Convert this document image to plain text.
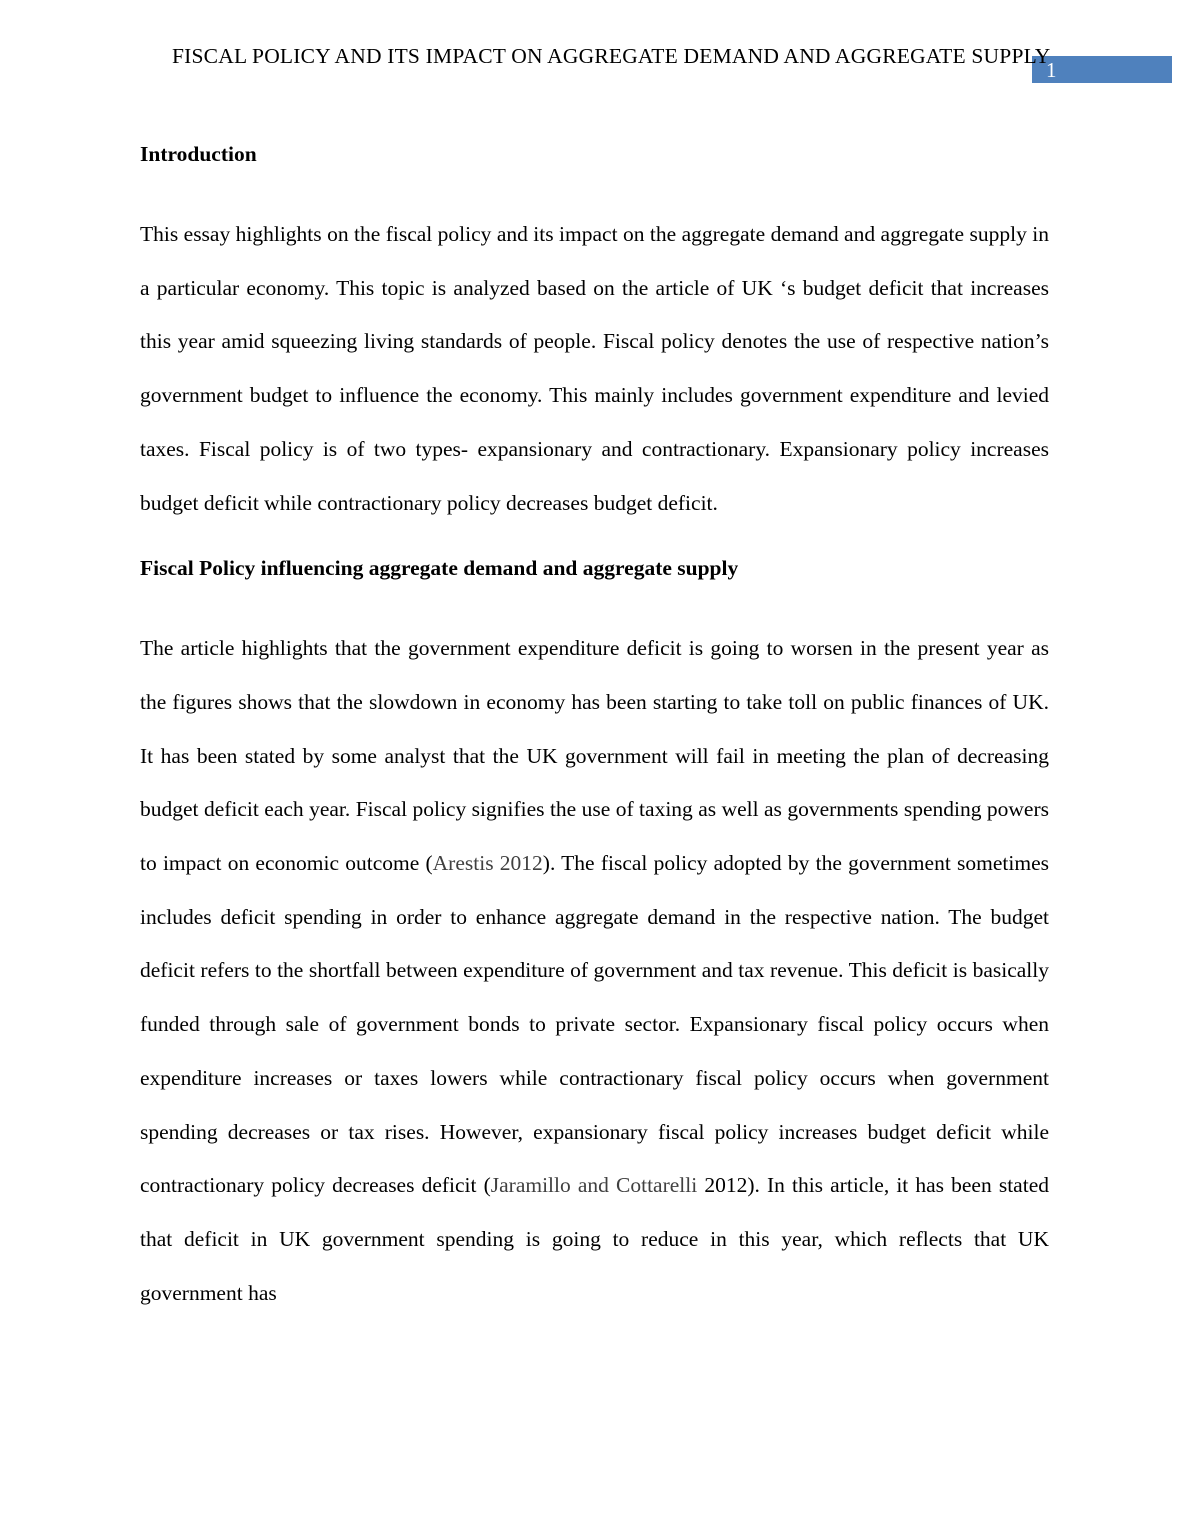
FISCAL POLICY AND ITS IMPACT ON AGGREGATE DEMAND AND AGGREGATE SUPPLY
1

Introduction

This essay highlights on the fiscal policy and its impact on the aggregate demand and aggregate supply in a particular economy. This topic is analyzed based on the article of UK ‘s budget deficit that increases this year amid squeezing living standards of people. Fiscal policy denotes the use of respective nation’s government budget to influence the economy. This mainly includes government expenditure and levied taxes. Fiscal policy is of two types- expansionary and contractionary. Expansionary policy increases budget deficit while contractionary policy decreases budget deficit.

Fiscal Policy influencing aggregate demand and aggregate supply

The article highlights that the government expenditure deficit is going to worsen in the present year as the figures shows that the slowdown in economy has been starting to take toll on public finances of UK. It has been stated by some analyst that the UK government will fail in meeting the plan of decreasing budget deficit each year. Fiscal policy signifies the use of taxing as well as governments spending powers to impact on economic outcome (Arestis 2012). The fiscal policy adopted by the government sometimes includes deficit spending in order to enhance aggregate demand in the respective nation. The budget deficit refers to the shortfall between expenditure of government and tax revenue. This deficit is basically funded through sale of government bonds to private sector. Expansionary fiscal policy occurs when expenditure increases or taxes lowers while contractionary fiscal policy occurs when government spending decreases or tax rises. However, expansionary fiscal policy increases budget deficit while contractionary policy decreases deficit (Jaramillo and Cottarelli 2012). In this article, it has been stated that deficit in UK government spending is going to reduce in this year, which reflects that UK government has
